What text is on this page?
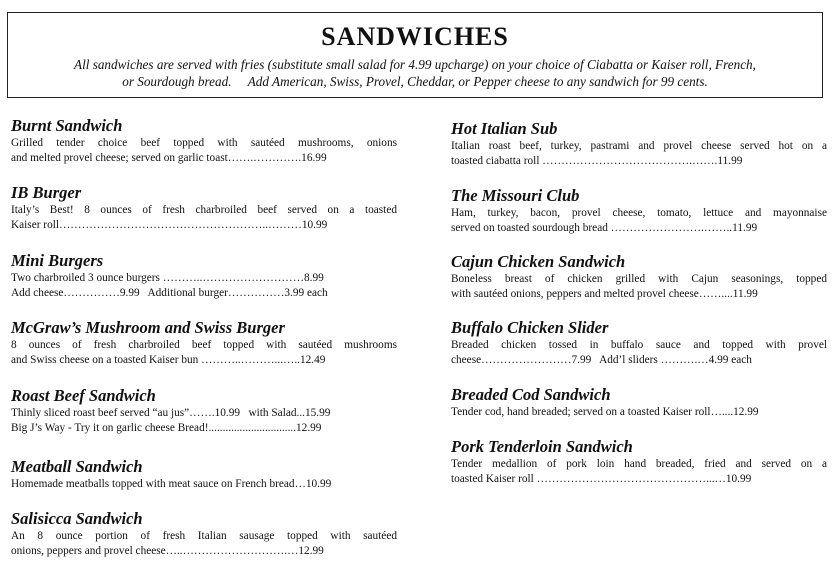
SANDWICHES
All sandwiches are served with fries (substitute small salad for 4.99 upcharge) on your choice of Ciabatta or Kaiser roll, French,
or Sourdough bread.     Add American, Swiss, Provel, Cheddar, or Pepper cheese to any sandwich for 99 cents.
Burnt Sandwich
Grilled tender choice beef topped with sautéed mushrooms, onions
and melted provel cheese; served on garlic toast…….………….16.99
IB Burger
Italy’s Best! 8 ounces of fresh charbroiled beef served on a toasted
Kaiser roll………………………………………………..………10.99
Mini Burgers
Two charbroiled 3 ounce burgers ………..………………………8.99
Add cheese……………9.99   Additional burger……………3.99 each
McGraw’s Mushroom and Swiss Burger
8 ounces of fresh charbroiled beef topped with sautéed mushrooms
and Swiss cheese on a toasted Kaiser bun ………..………...…..12.49
Roast Beef Sandwich
Thinly sliced roast beef served “au jus”…….10.99   with Salad...15.99
Big J’s Way - Try it on garlic cheese Bread!...............................12.99
Meatball Sandwich
Homemade meatballs topped with meat sauce on French bread…10.99
Salisicca Sandwich
An 8 ounce portion of fresh Italian sausage topped with sautéed
onions, peppers and provel cheese…..……………………….…12.99
Hot Italian Sub
Italian roast beef, turkey, pastrami and provel cheese served hot on a
toasted ciabatta roll ………………………………….…….11.99
The Missouri Club
Ham, turkey, bacon, provel cheese, tomato, lettuce and mayonnaise
served on toasted sourdough bread …………………….……..11.99
Cajun Chicken Sandwich
Boneless breast of chicken grilled with Cajun seasonings, topped
with sautéed onions, peppers and melted provel cheese……....11.99
Buffalo Chicken Slider
Breaded chicken tossed in buffalo sauce and topped with provel
cheese……………………7.99   Add’l sliders ……….…4.99 each
Breaded Cod Sandwich
Tender cod, hand breaded; served on a toasted Kaiser roll…....12.99
Pork Tenderloin Sandwich
Tender medallion of pork loin hand breaded, fried and served on a
toasted Kaiser roll ………………………………………...…10.99
